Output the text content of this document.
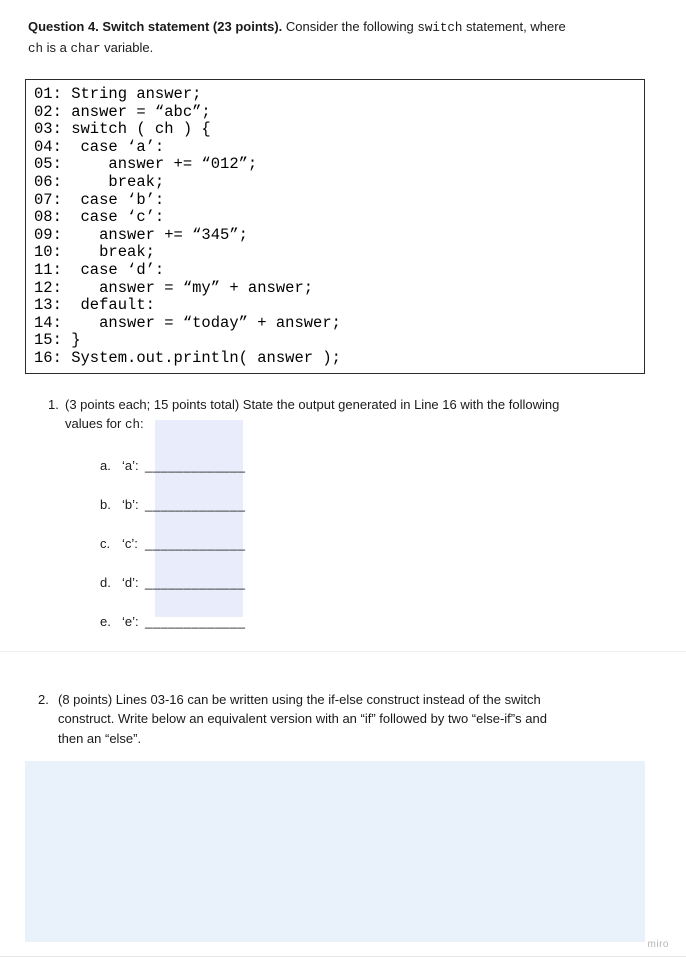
Question 4. Switch statement (23 points). Consider the following switch statement, where
ch is a char variable.

01: String answer;
02: answer = “abc”;
03: switch ( ch ) {
04:  case ‘a’:
05:     answer += “012”;
06:     break;
07:  case ‘b’:
08:  case ‘c’:
09:    answer += “345”;
10:    break;
11:  case ‘d’:
12:    answer = “my” + answer;
13:  default:
14:    answer = “today” + answer;
15: }
16: System.out.println( answer );
1. (3 points each; 15 points total) State the output generated in Line 16 with the following
values for ch:
a. ‘a’: _____________
b. ‘b’: _____________
c. ‘c’: _____________
d. ‘d’: _____________
e. ‘e’: _____________
2. (8 points) Lines 03-16 can be written using the if-else construct instead of the switch
construct. Write below an equivalent version with an “if” followed by two “else-if”s and
then an “else”.
miro
